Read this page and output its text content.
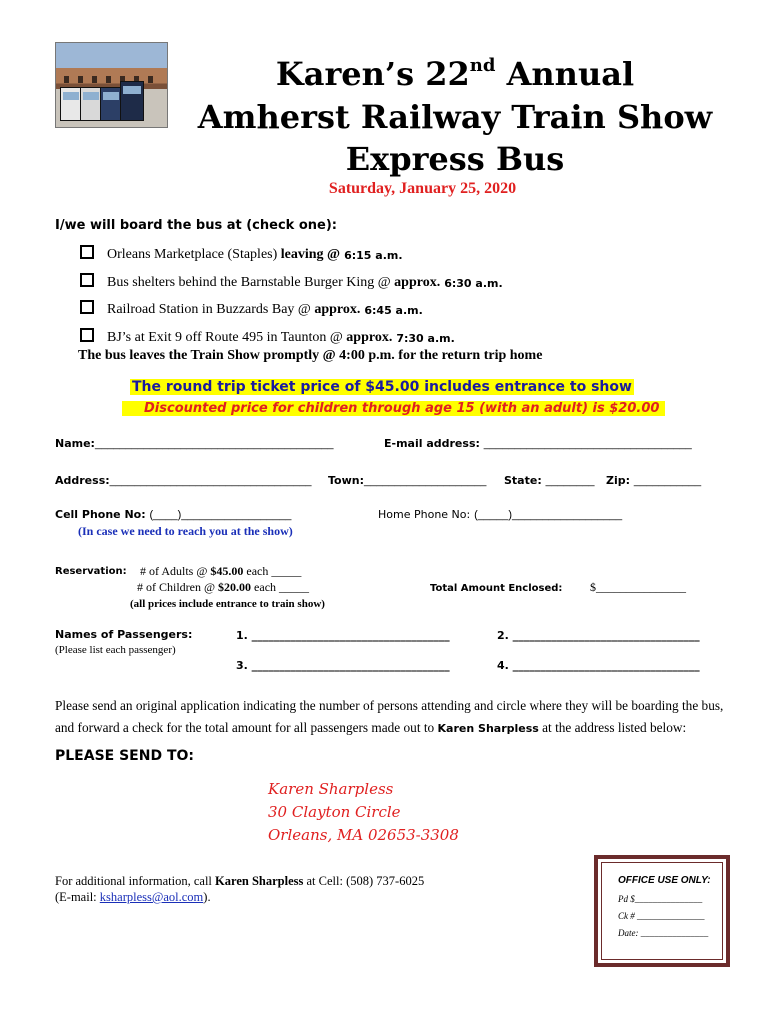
Karen’s 22nd Annual
Amherst Railway Train Show
Express Bus
Saturday, January 25, 2020
I/we will board the bus at (check one):
Orleans Marketplace (Staples)
leaving @ 6:15 a.m.
Bus shelters behind the Barnstable Burger King @
approx. 6:30 a.m.
Railroad Station in Buzzards Bay @
approx. 6:45 a.m.
BJ’s at Exit 9 off Route 495 in Taunton @
approx. 7:30 a.m.
The bus leaves the Train Show promptly @ 4:00 p.m. for the return trip home
The round trip ticket price of $45.00 includes entrance to show
Discounted price for children through age 15 (with an adult) is $20.00
Name:_______________________________________	E-mail address: __________________________________
Address:_________________________________ Town:____________________ State: ________ Zip: ___________
Cell Phone No: (____)__________________	Home Phone No: (_____)__________________
(In case we need to reach you at the show)
Reservation: # of Adults @ $45.00 each _____
# of Children @ $20.00 each _____
(all prices include entrance to train show)
Total Amount Enclosed: $_______________
Names of Passengers:
(Please list each passenger)
1. ____________________________________	2. __________________________________
3. ____________________________________	4. __________________________________
Please send an original application indicating the number of persons attending and circle where they will be boarding the bus,
and forward a check for the total amount for all passengers made out to Karen Sharpless at the address listed below:
PLEASE SEND TO:
Karen Sharpless
30 Clayton Circle
Orleans, MA 02653-3308
For additional information, call Karen Sharpless at Cell: (508) 737-6025
(E-mail: ksharpless@aol.com).
OFFICE USE ONLY:
Pd $_______________
Ck # _______________
Date: _______________
